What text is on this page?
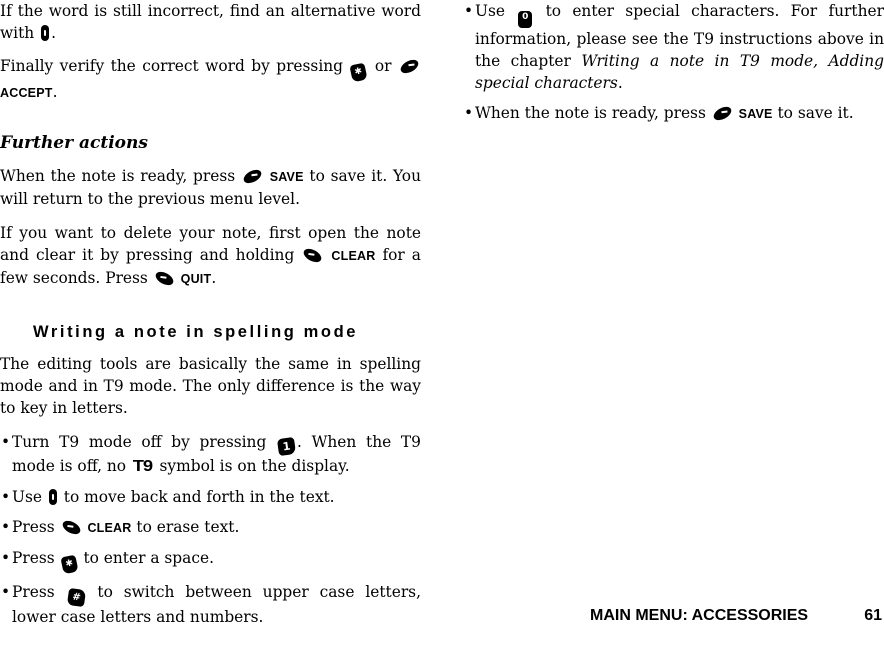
If the word is still incorrect, find an alternative word with .

Finally verify the correct word by pressing ✱ or  ACCEPT.

Further actions

When the note is ready, press	SAVE to save it. You will return to the previous menu level.

If you want to delete your note, first open the note and clear it by pressing and holding	CLEAR for a few seconds. Press	QUIT.

Writing a note in spelling mode

The editing tools are basically the same in spelling mode and in T9 mode. The only difference is the way to key in letters.

• Turn T9 mode off by pressing 1 . When the T9 mode is off, no T9 symbol is on the display.
• Use to move back and forth in the text.
• Press	CLEAR to erase text.
• Press ✱ to enter a space.
• Press # to switch between upper case letters, lower case letters and numbers.
• Use 0 to enter special characters. For further information, please see the T9 instructions above in the chapter Writing a note in T9 mode, Adding special characters.
• When the note is ready, press	SAVE to save it.
MAIN MENU: ACCESSORIES	61
